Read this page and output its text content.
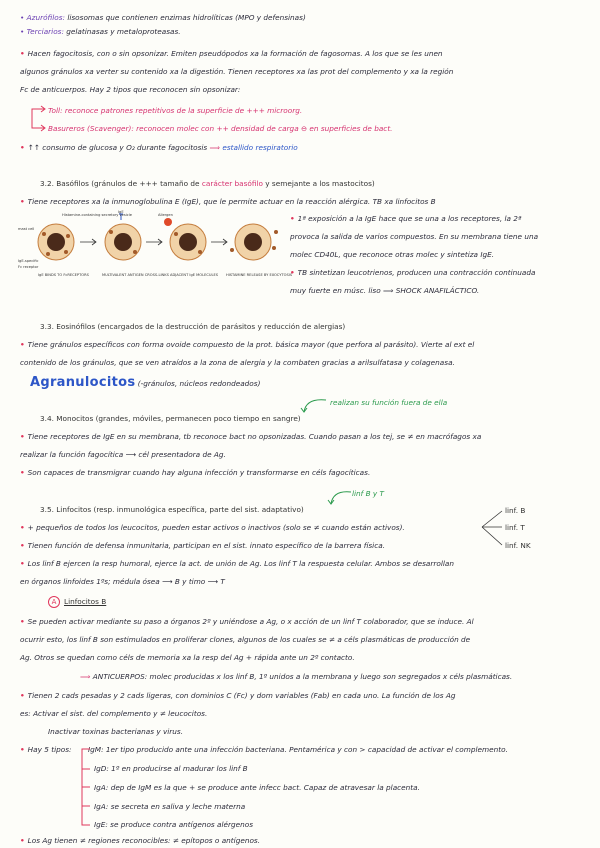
• Azurófilos: lisosomas que contienen enzimas hidrolíticas (MPO y defensinas)
• Terciarios: gelatinasas y metaloproteasas.
• Hacen fagocitosis, con o sin opsonizar. Emiten pseudópodos xa la formación de fagosomas. A los que se les unen
algunos gránulos xa verter su contenido xa la digestión. Tienen receptores xa las prot del complemento y xa la región
Fc de anticuerpos. Hay 2 tipos que reconocen sin opsonizar:
Toll: reconoce patrones repetitivos de la superficie de +++ microorg.
Basureros (Scavenger): reconocen molec con ++ densidad de carga ⊖ en superficies de bact.
• ↑↑ consumo de glucosa y O₂ durante fagocitosis ⟹ estallido respiratorio
3.2. Basófilos (gránulos de +++ tamaño de carácter basófilo y semejante a los mastocitos)
• Tiene receptores xa la inmunoglobulina E (IgE), que le permite actuar en la reacción alérgica. TB xa linfocitos B
mast cell
Histamine-containing secretory vesicle
IgE
Allergen
Fc receptor
IgE BINDS TO FcRECEPTORS	MULTIVALENT ANTIGEN CROSS-LINKS ADJACENT IgE MOLECULES HISTAMINE RELEASE BY EXOCYTOSIS
IgE-specific
• 1ª exposición a la IgE hace que se una a los receptores, la 2ª
provoca la salida de varios compuestos. En su membrana tiene una
molec CD40L, que reconoce otras molec y sintetiza IgE.
• TB sintetizan leucotrienos, producen una contracción continuada
muy fuerte en músc. liso ⟹ SHOCK ANAFILÁCTICO.
3.3. Eosinófilos (encargados de la destrucción de parásitos y reducción de alergias)
• Tiene gránulos específicos con forma ovoide compuesto de la prot. básica mayor (que perfora al parásito). Vierte al ext el
contenido de los gránulos, que se ven atraídos a la zona de alergia y la combaten gracias a arilsulfatasa y colagenasa.
Agranulocitos (-gránulos, núcleos redondeados)
realizan su función fuera de ella
3.4. Monocitos (grandes, móviles, permanecen poco tiempo en sangre)
• Tiene receptores de IgE en su membrana, tb reconoce bact no opsonizadas. Cuando pasan a los tej, se ≠ en macrófagos xa
realizar la función fagocítica ⟶ cél presentadora de Ag.
• Son capaces de transmigrar cuando hay alguna infección y transformarse en céls fagocíticas.
linf B y T
3.5. Linfocitos (resp. inmunológica específica, parte del sist. adaptativo)
• + pequeños de todos los leucocitos, pueden estar activos o inactivos (solo se ≠ cuando están activos).
• Tienen función de defensa inmunitaria, participan en el sist. innato específico de la barrera física.
• Los linf B ejercen la resp humoral, ejerce la act. de unión de Ag. Los linf T la respuesta celular. Ambos se desarrollan
en órganos linfoides 1ºs; médula ósea ⟶ B y timo ⟶ T
linf. B
linf. T
linf. NK
A Linfocitos B
• Se pueden activar mediante su paso a órganos 2º y uniéndose a Ag, o x acción de un linf T colaborador, que se induce. Al
ocurrir esto, los linf B son estimulados en proliferar clones, algunos de los cuales se ≠ a céls plasmáticas de producción de
Ag. Otros se quedan como céls de memoria xa la resp del Ag + rápida ante un 2º contacto.
⟹ ANTICUERPOS: molec producidas x los linf B, 1º unidos a la membrana y luego son segregados x céls plasmáticas.
• Tienen 2 cads pesadas y 2 cads ligeras, con dominios C (Fc) y dom variables (Fab) en cada uno. La función de los Ag
es: Activar el sist. del complemento y ≠ leucocitos.
Inactivar toxinas bacterianas y virus.
• Hay 5 tipos: IgM: 1er tipo producido ante una infección bacteriana. Pentamérica y con > capacidad de activar el complemento.
IgD: 1º en producirse al madurar los linf B
IgA: dep de IgM es la que + se produce ante infecc bact. Capaz de atravesar la placenta.
IgA: se secreta en saliva y leche materna
IgE: se produce contra antígenos alérgenos
• Los Ag tienen ≠ regiones reconocibles: ≠ epítopos o antígenos.
